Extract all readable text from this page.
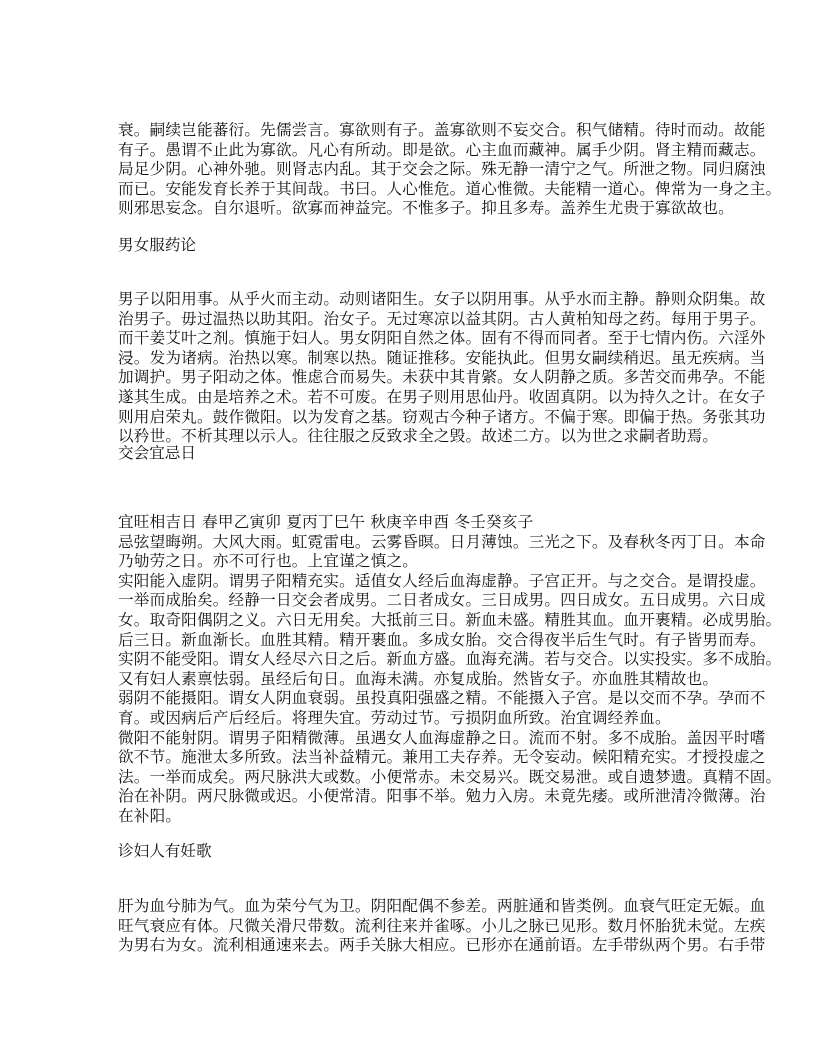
衰。嗣续岂能蕃衍。先儒尝言。寡欲则有子。盖寡欲则不妄交合。积气储精。待时而动。故能
有子。愚谓不止此为寡欲。凡心有所动。即是欲。心主血而藏神。属手少阴。肾主精而藏志。
局足少阴。心神外驰。则肾志内乱。其于交会之际。殊无静一清宁之气。所泄之物。同归腐浊
而已。安能发育长养于其间哉。书曰。人心惟危。道心惟微。夫能精一道心。俾常为一身之主。
则邪思妄念。自尔退听。欲寡而神益完。不惟多子。抑且多寿。盖养生尤贵于寡欲故也。
男女服药论
男子以阳用事。从乎火而主动。动则诸阳生。女子以阴用事。从乎水而主静。静则众阴集。故
治男子。毋过温热以助其阳。治女子。无过寒凉以益其阴。古人黄柏知母之药。每用于男子。
而干姜艾叶之剂。慎施于妇人。男女阴阳自然之体。固有不得而同者。至于七情内伤。六淫外
浸。发为诸病。治热以寒。制寒以热。随证推移。安能执此。但男女嗣续稍迟。虽无疾病。当
加调护。男子阳动之体。惟虑合而易失。未获中其肯綮。女人阴静之质。多苦交而弗孕。不能
遂其生成。由是培养之术。若不可废。在男子则用思仙丹。收固真阴。以为持久之计。在女子
则用启荣丸。鼓作微阳。以为发育之基。窃观古今种子诸方。不偏于寒。即偏于热。务张其功
以矜世。不析其理以示人。往往服之反致求全之毁。故述二方。以为世之求嗣者助焉。
交会宜忌日
宜旺相吉日 春甲乙寅卯 夏丙丁巳午 秋庚辛申酉 冬壬癸亥子
忌弦望晦朔。大风大雨。虹霓雷电。云雾昏暝。日月薄蚀。三光之下。及春秋冬丙丁日。本命
乃劬劳之日。亦不可行也。上宜谨之慎之。
实阳能入虚阴。谓男子阳精充实。适值女人经后血海虚静。子宫正开。与之交合。是谓投虚。
一举而成胎矣。经静一日交会者成男。二日者成女。三日成男。四日成女。五日成男。六日成
女。取奇阳偶阴之义。六日无用矣。大抵前三日。新血未盛。精胜其血。血开裹精。必成男胎。
后三日。新血渐长。血胜其精。精开裹血。多成女胎。交合得夜半后生气时。有子皆男而寿。
实阴不能受阳。谓女人经尽六日之后。新血方盛。血海充满。若与交合。以实投实。多不成胎。
又有妇人素禀怯弱。虽经后旬日。血海未满。亦复成胎。然皆女子。亦血胜其精故也。
弱阴不能摄阳。谓女人阴血衰弱。虽投真阳强盛之精。不能摄入子宫。是以交而不孕。孕而不
育。或因病后产后经后。将理失宜。劳动过节。亏损阴血所致。治宜调经养血。
微阳不能射阴。谓男子阳精微薄。虽遇女人血海虚静之日。流而不射。多不成胎。盖因平时嗜
欲不节。施泄太多所致。法当补益精元。兼用工夫存养。无令妄动。候阳精充实。才授投虚之
法。一举而成矣。两尺脉洪大或数。小便常赤。未交易兴。既交易泄。或自遗梦遗。真精不固。
治在补阴。两尺脉微或迟。小便常清。阳事不举。勉力入房。未竟先痿。或所泄清冷微薄。治
在补阳。
诊妇人有妊歌
肝为血兮肺为气。血为荣兮气为卫。阴阳配偶不参差。两脏通和皆类例。血衰气旺定无娠。血
旺气衰应有体。尺微关滑尺带数。流利往来并雀啄。小儿之脉已见形。数月怀胎犹未觉。左疾
为男右为女。流利相通速来去。两手关脉大相应。已形亦在通前语。左手带纵两个男。右手带
